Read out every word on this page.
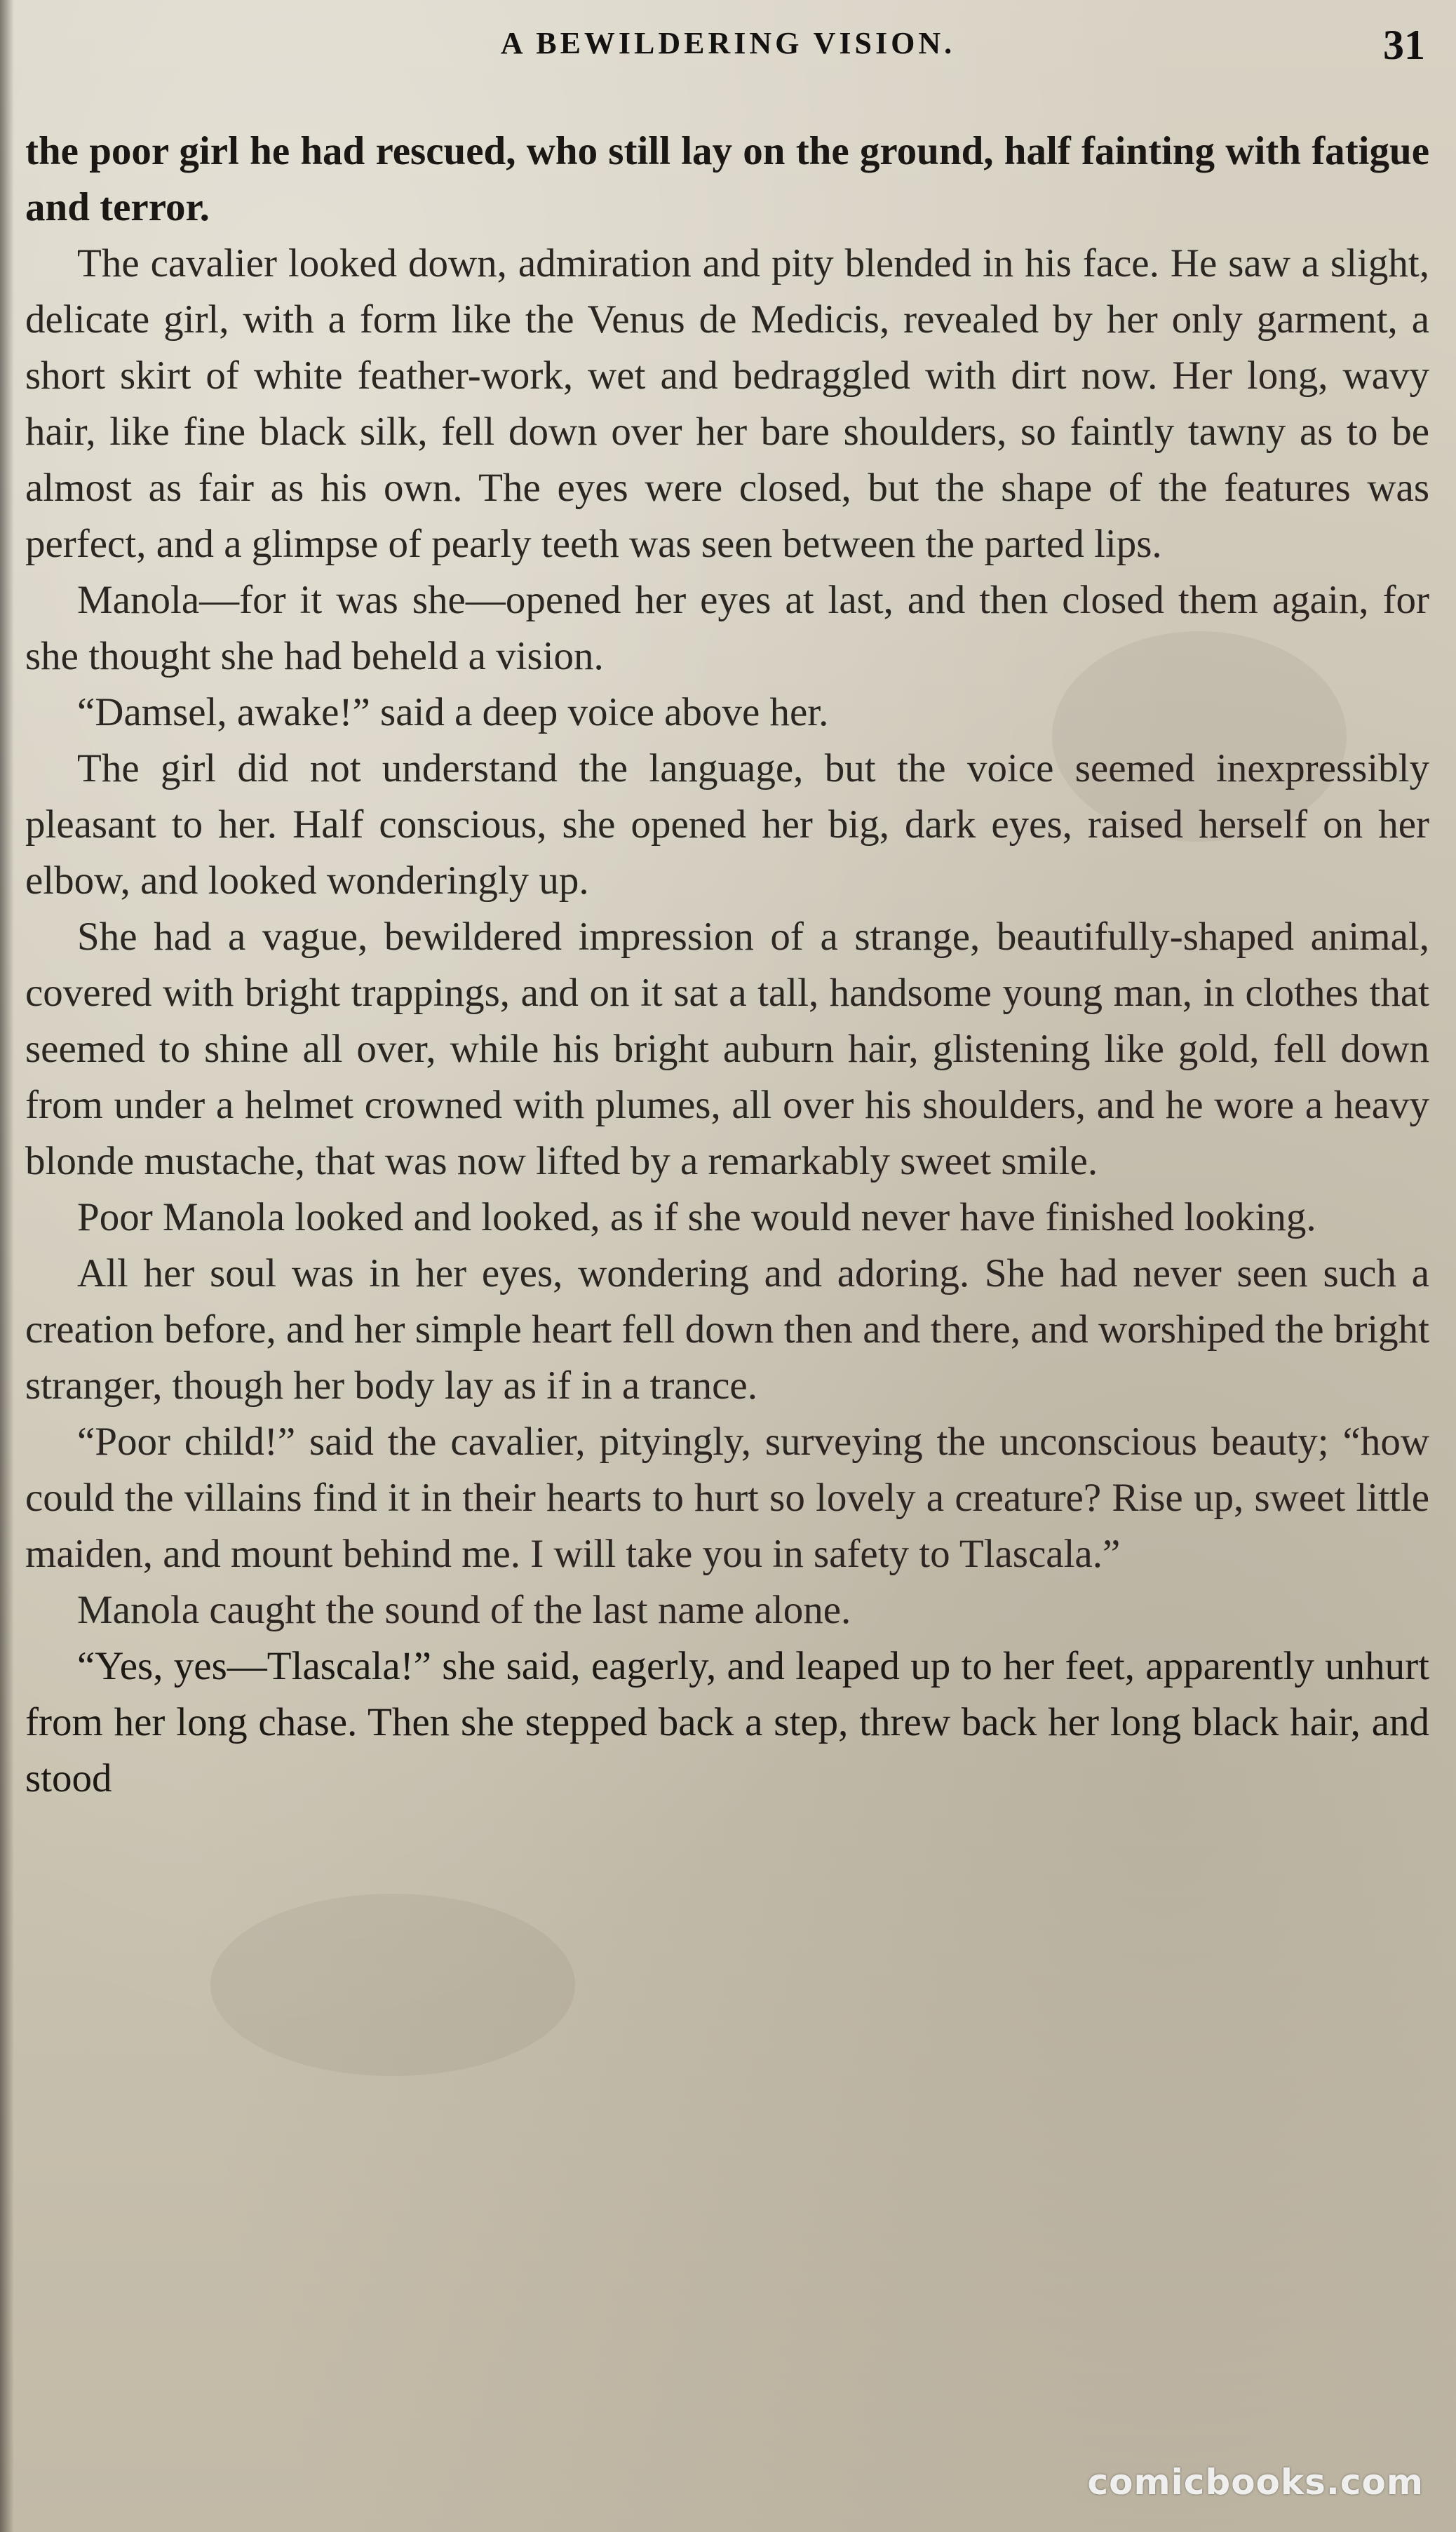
A BEWILDERING VISION.	31

the poor girl he had rescued, who still lay on the ground, half fainting with fatigue and terror.

The cavalier looked down, admiration and pity blended in his face. He saw a slight, delicate girl, with a form like the Venus de Medicis, revealed by her only garment, a short skirt of white feather-work, wet and bedraggled with dirt now. Her long, wavy hair, like fine black silk, fell down over her bare shoulders, so faintly tawny as to be almost as fair as his own. The eyes were closed, but the shape of the features was perfect, and a glimpse of pearly teeth was seen between the parted lips.

Manola—for it was she—opened her eyes at last, and then closed them again, for she thought she had beheld a vision.

“Damsel, awake!” said a deep voice above her.

The girl did not understand the language, but the voice seemed inexpressibly pleasant to her. Half conscious, she opened her big, dark eyes, raised herself on her elbow, and looked wonderingly up.

She had a vague, bewildered impression of a strange, beautifully-shaped animal, covered with bright trappings, and on it sat a tall, handsome young man, in clothes that seemed to shine all over, while his bright auburn hair, glistening like gold, fell down from under a helmet crowned with plumes, all over his shoulders, and he wore a heavy blonde mustache, that was now lifted by a remarkably sweet smile.

Poor Manola looked and looked, as if she would never have finished looking.

All her soul was in her eyes, wondering and adoring. She had never seen such a creation before, and her simple heart fell down then and there, and worshiped the bright stranger, though her body lay as if in a trance.

“Poor child!” said the cavalier, pityingly, surveying the unconscious beauty; “how could the villains find it in their hearts to hurt so lovely a creature? Rise up, sweet little maiden, and mount behind me. I will take you in safety to Tlascala.”

Manola caught the sound of the last name alone.

“Yes, yes—Tlascala!” she said, eagerly, and leaped up to her feet, apparently unhurt from her long chase. Then she stepped back a step, threw back her long black hair, and stood

comicbooks.com
